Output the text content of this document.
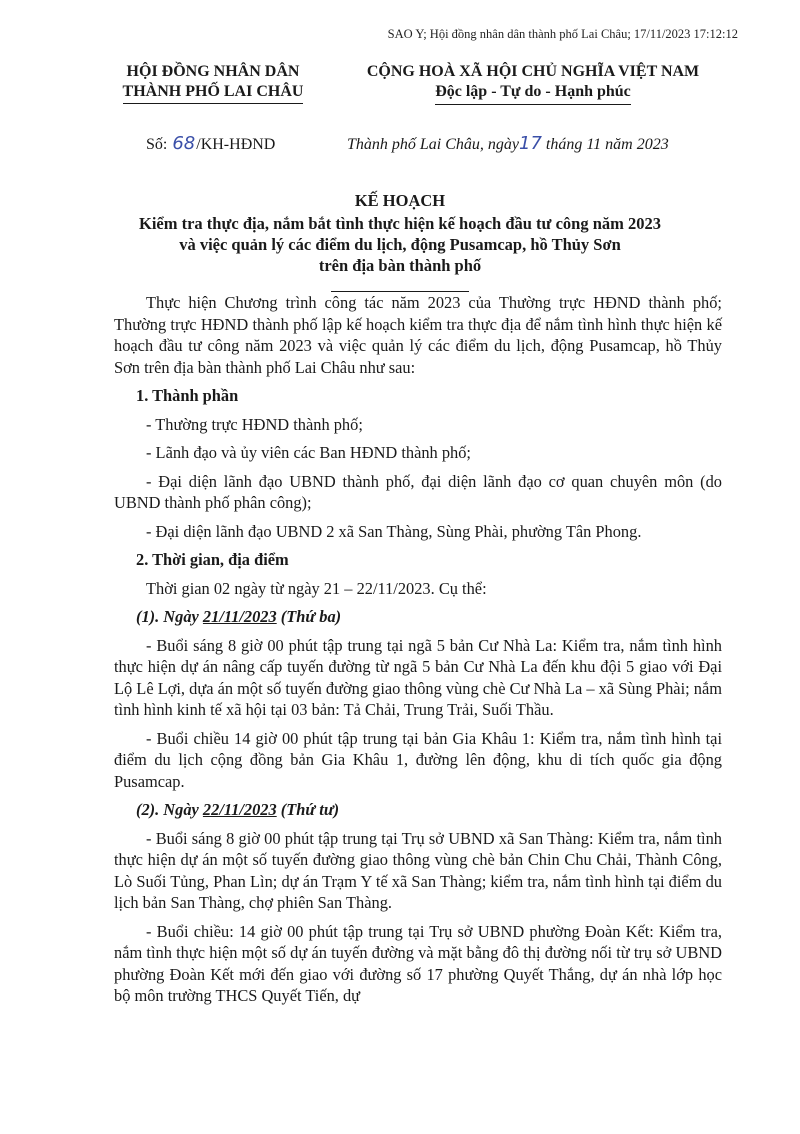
SAO Y; Hội đồng nhân dân thành phố Lai Châu; 17/11/2023 17:12:12
HỘI ĐỒNG NHÂN DÂN
THÀNH PHỐ LAI CHÂU
CỘNG HOÀ XÃ HỘI CHỦ NGHĨA VIỆT NAM
Độc lập - Tự do - Hạnh phúc
Số: 68/KH-HĐND	Thành phố Lai Châu, ngày17 tháng 11 năm 2023
KẾ HOẠCH
Kiểm tra thực địa, nắm bắt tình thực hiện kế hoạch đầu tư công năm 2023
và việc quản lý các điểm du lịch, động Pusamcap, hồ Thủy Sơn
trên địa bàn thành phố

Thực hiện Chương trình công tác năm 2023 của Thường trực HĐND thành phố; Thường trực HĐND thành phố lập kế hoạch kiểm tra thực địa để nắm tình hình thực hiện kế hoạch đầu tư công năm 2023 và việc quản lý các điểm du lịch, động Pusamcap, hồ Thủy Sơn trên địa bàn thành phố Lai Châu như sau:

1. Thành phần

- Thường trực HĐND thành phố;

- Lãnh đạo và ủy viên các Ban HĐND thành phố;

- Đại diện lãnh đạo UBND thành phố, đại diện lãnh đạo cơ quan chuyên môn (do UBND thành phố phân công);

- Đại diện lãnh đạo UBND 2 xã San Thàng, Sùng Phài, phường Tân Phong.

2. Thời gian, địa điểm

Thời gian 02 ngày từ ngày 21 – 22/11/2023. Cụ thể:

(1). Ngày 21/11/2023 (Thứ ba)

- Buổi sáng 8 giờ 00 phút tập trung tại ngã 5 bản Cư Nhà La: Kiểm tra, nắm tình hình thực hiện dự án nâng cấp tuyến đường từ ngã 5 bản Cư Nhà La đến khu đội 5 giao với Đại Lộ Lê Lợi, dựa án một số tuyến đường giao thông vùng chè Cư Nhà La – xã Sùng Phài; nắm tình hình kinh tế xã hội tại 03 bản: Tả Chải, Trung Trải, Suối Thầu.

- Buổi chiều 14 giờ 00 phút tập trung tại bản Gia Khâu 1: Kiểm tra, nắm tình hình tại điểm du lịch cộng đồng bản Gia Khâu 1, đường lên động, khu di tích quốc gia động Pusamcap.

(2). Ngày 22/11/2023 (Thứ tư)

- Buổi sáng 8 giờ 00 phút tập trung tại Trụ sở UBND xã San Thàng: Kiểm tra, nắm tình thực hiện dự án một số tuyến đường giao thông vùng chè bản Chin Chu Chải, Thành Công, Lò Suối Tủng, Phan Lìn; dự án Trạm Y tế xã San Thàng; kiểm tra, nắm tình hình tại điểm du lịch bản San Thàng, chợ phiên San Thàng.

- Buổi chiều: 14 giờ 00 phút tập trung tại Trụ sở UBND phường Đoàn Kết: Kiểm tra, nắm tình thực hiện một số dự án tuyến đường và mặt bằng đô thị đường nối từ trụ sở UBND phường Đoàn Kết mới đến giao với đường số 17 phường Quyết Thắng, dự án nhà lớp học bộ môn trường THCS Quyết Tiến, dự
